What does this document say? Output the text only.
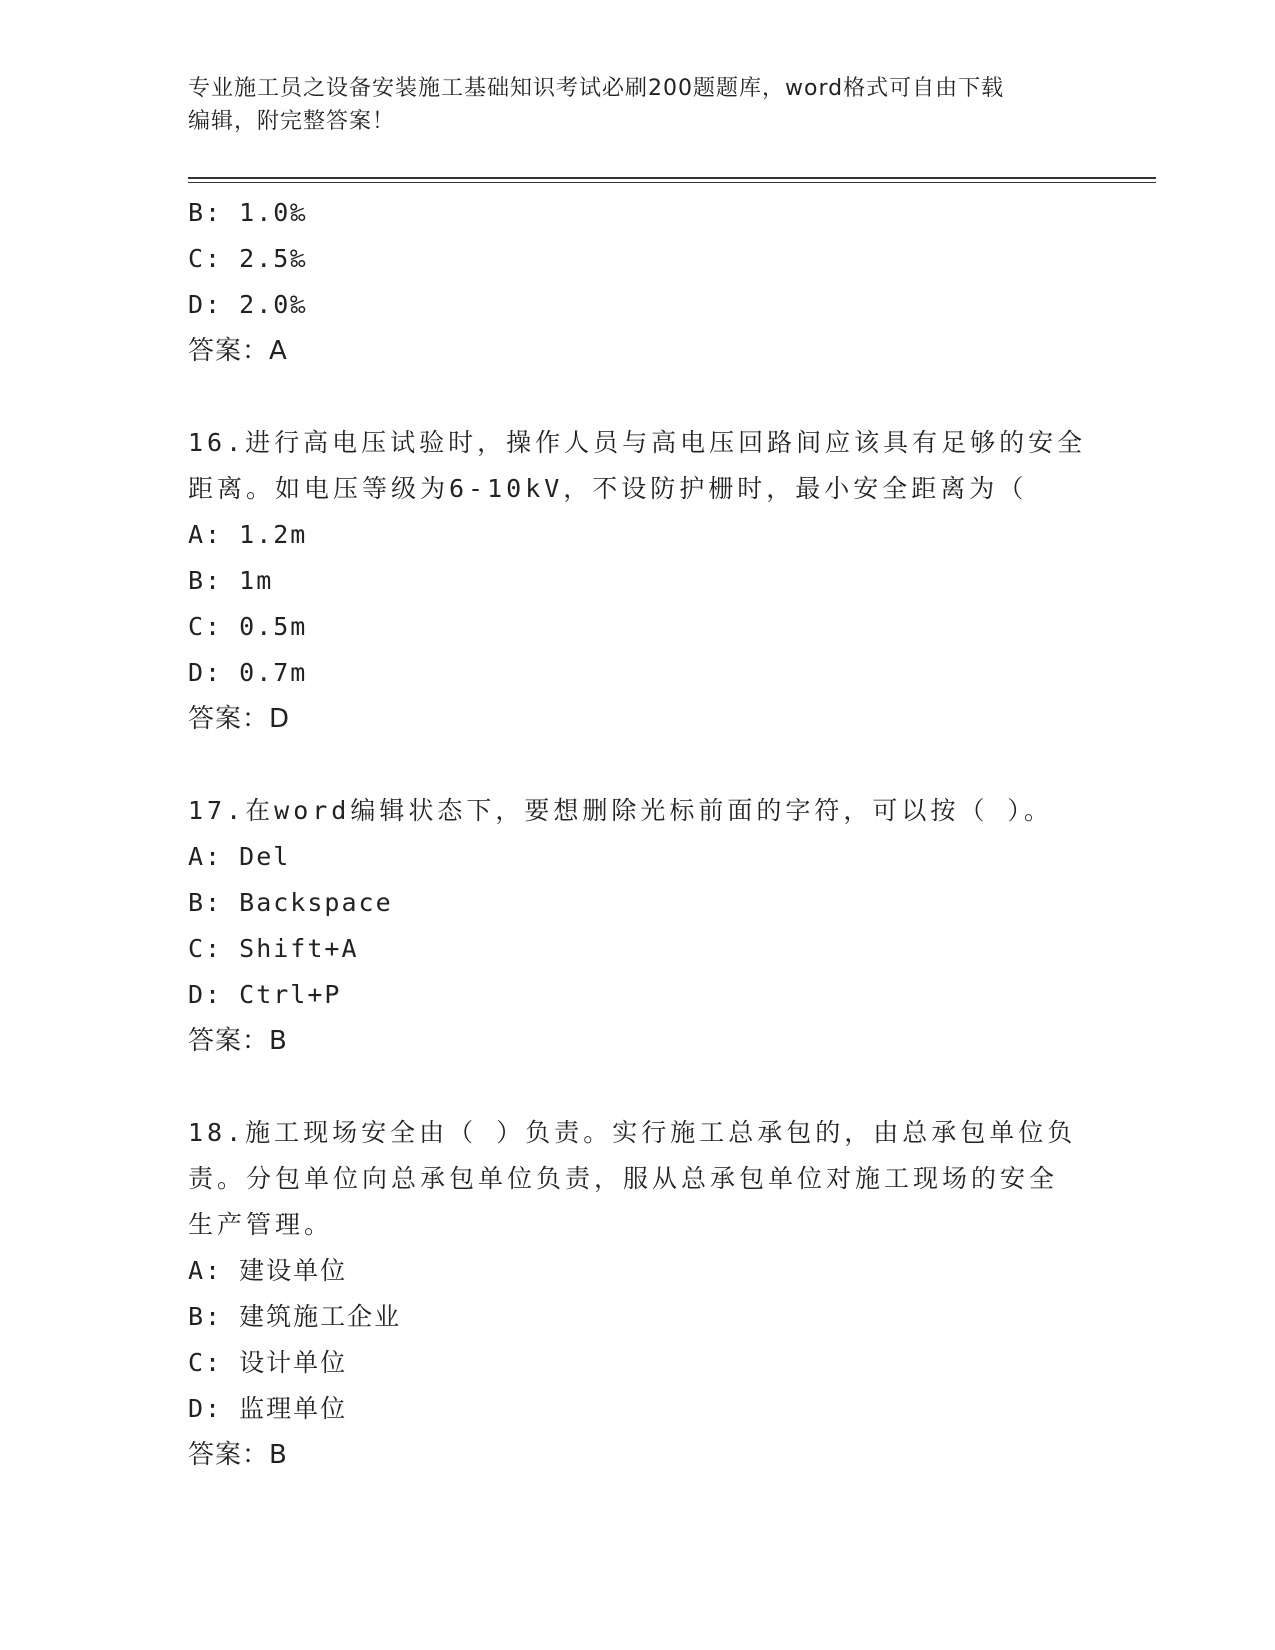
专业施工员之设备安装施工基础知识考试必刷200题题库，word格式可自由下载
编辑，附完整答案！
B: 1.0‰
C: 2.5‰
D: 2.0‰
答案：A
16.进行高电压试验时，操作人员与高电压回路间应该具有足够的安全
距离。如电压等级为6-10kV，不设防护栅时，最小安全距离为（
A: 1.2m
B: 1m
C: 0.5m
D: 0.7m
答案：D
17.在word编辑状态下，要想删除光标前面的字符，可以按（ ）。
A: Del
B: Backspace
C: Shift+A
D: Ctrl+P
答案：B
18.施工现场安全由（ ）负责。实行施工总承包的，由总承包单位负
责。分包单位向总承包单位负责，服从总承包单位对施工现场的安全
生产管理。
A: 建设单位
B: 建筑施工企业
C: 设计单位
D: 监理单位
答案：B
